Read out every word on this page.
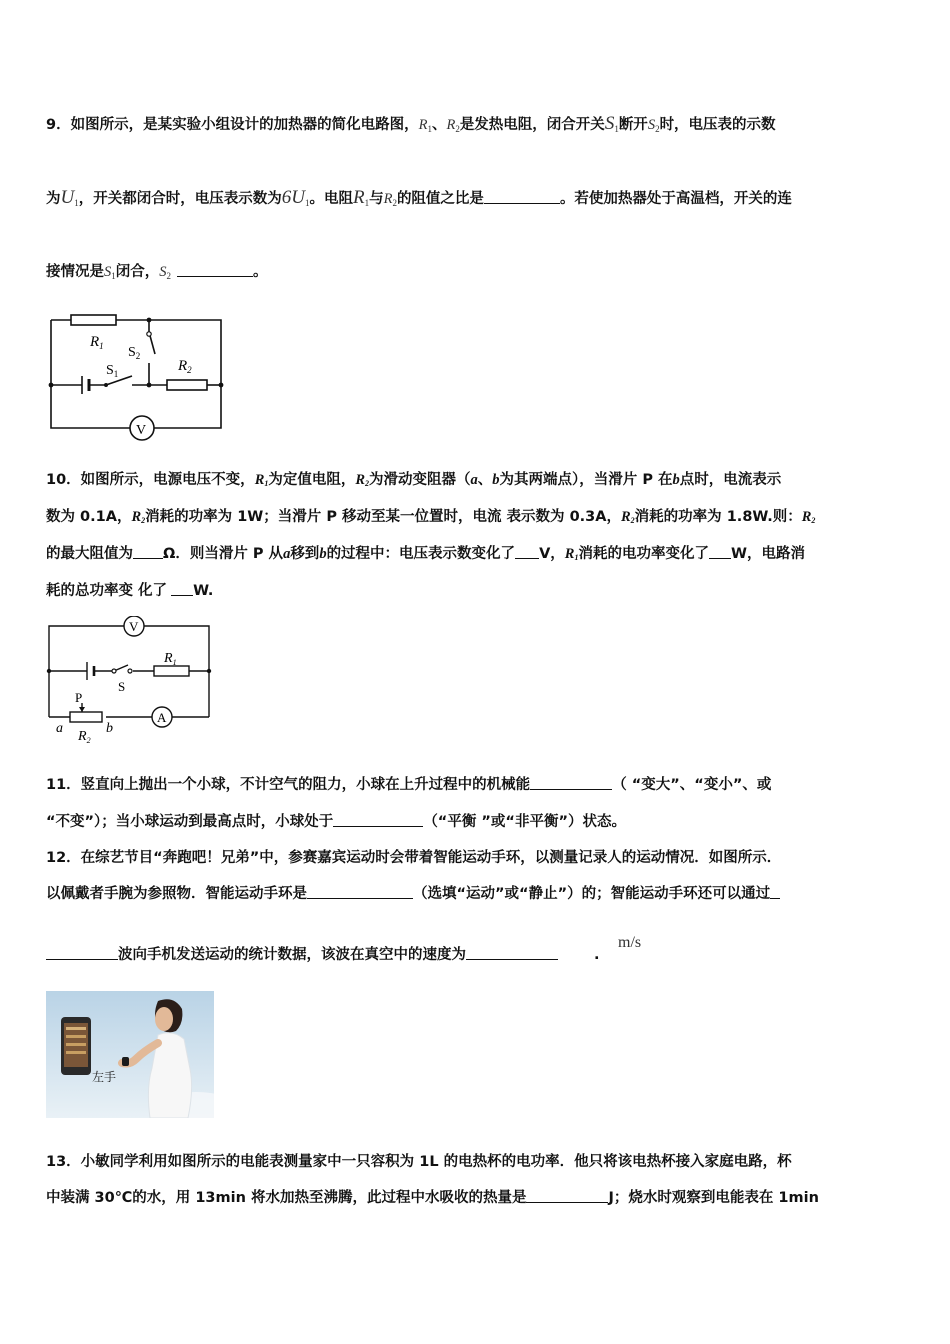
9．如图所示，是某实验小组设计的加热器的简化电路图，$R_1$、$R_2$是发热电阻，闭合开关$S_1$断开$S_2$时，电压表的示数
为$U_1$，开关都闭合时，电压表示数为$6U_1$。电阻$R_1$与$R_2$的阻值之比是	。若使加热器处于高温档，开关的连
接情况是$S_1$闭合，$S_2$	。
$R_1$ $S_2$
$R_2$
$S_1$
V
10．如图所示，电源电压不变，R1为定值电阻，R2为滑动变阻器（a、b为其两端点），当滑片 P 在b点时，电流表示
数为 0.1A，R2消耗的功率为 1W；当滑片 P 移动至某一位置时，电流 表示数为 0.3A，R2消耗的功率为 1.8W.则：R2
的最大阻值为 Ω．则当滑片 P 从a移到b的过程中：电压表示数变化了 V，R1消耗的电功率变化了 W，电路消
耗的总功率变 化了 W.
V
$R_1$
S
P
a
$R_2$
b
A
11．竖直向上抛出一个小球，不计空气的阻力，小球在上升过程中的机械能	（ “变大”、“变小”、或
“不变”）；当小球运动到最高点时，小球处于	（“平衡 ”或“非平衡”）状态。
12．在综艺节目“奔跑吧！兄弟”中，参赛嘉宾运动时会带着智能运动手环，以测量记录人的运动情况．如图所示．
以佩戴者手腕为参照物．智能运动手环是	（选填“运动”或“静止”）的；智能运动手环还可以通过
波向手机发送运动的统计数据，该波在真空中的速度为	.
m/s
左手
13．小敏同学利用如图所示的电能表测量家中一只容积为 1L 的电热杯的电功率．他只将该电热杯接入家庭电路，杯
中装满 30℃的水，用 13min 将水加热至沸腾，此过程中水吸收的热量是	J；烧水时观察到电能表在 1min
